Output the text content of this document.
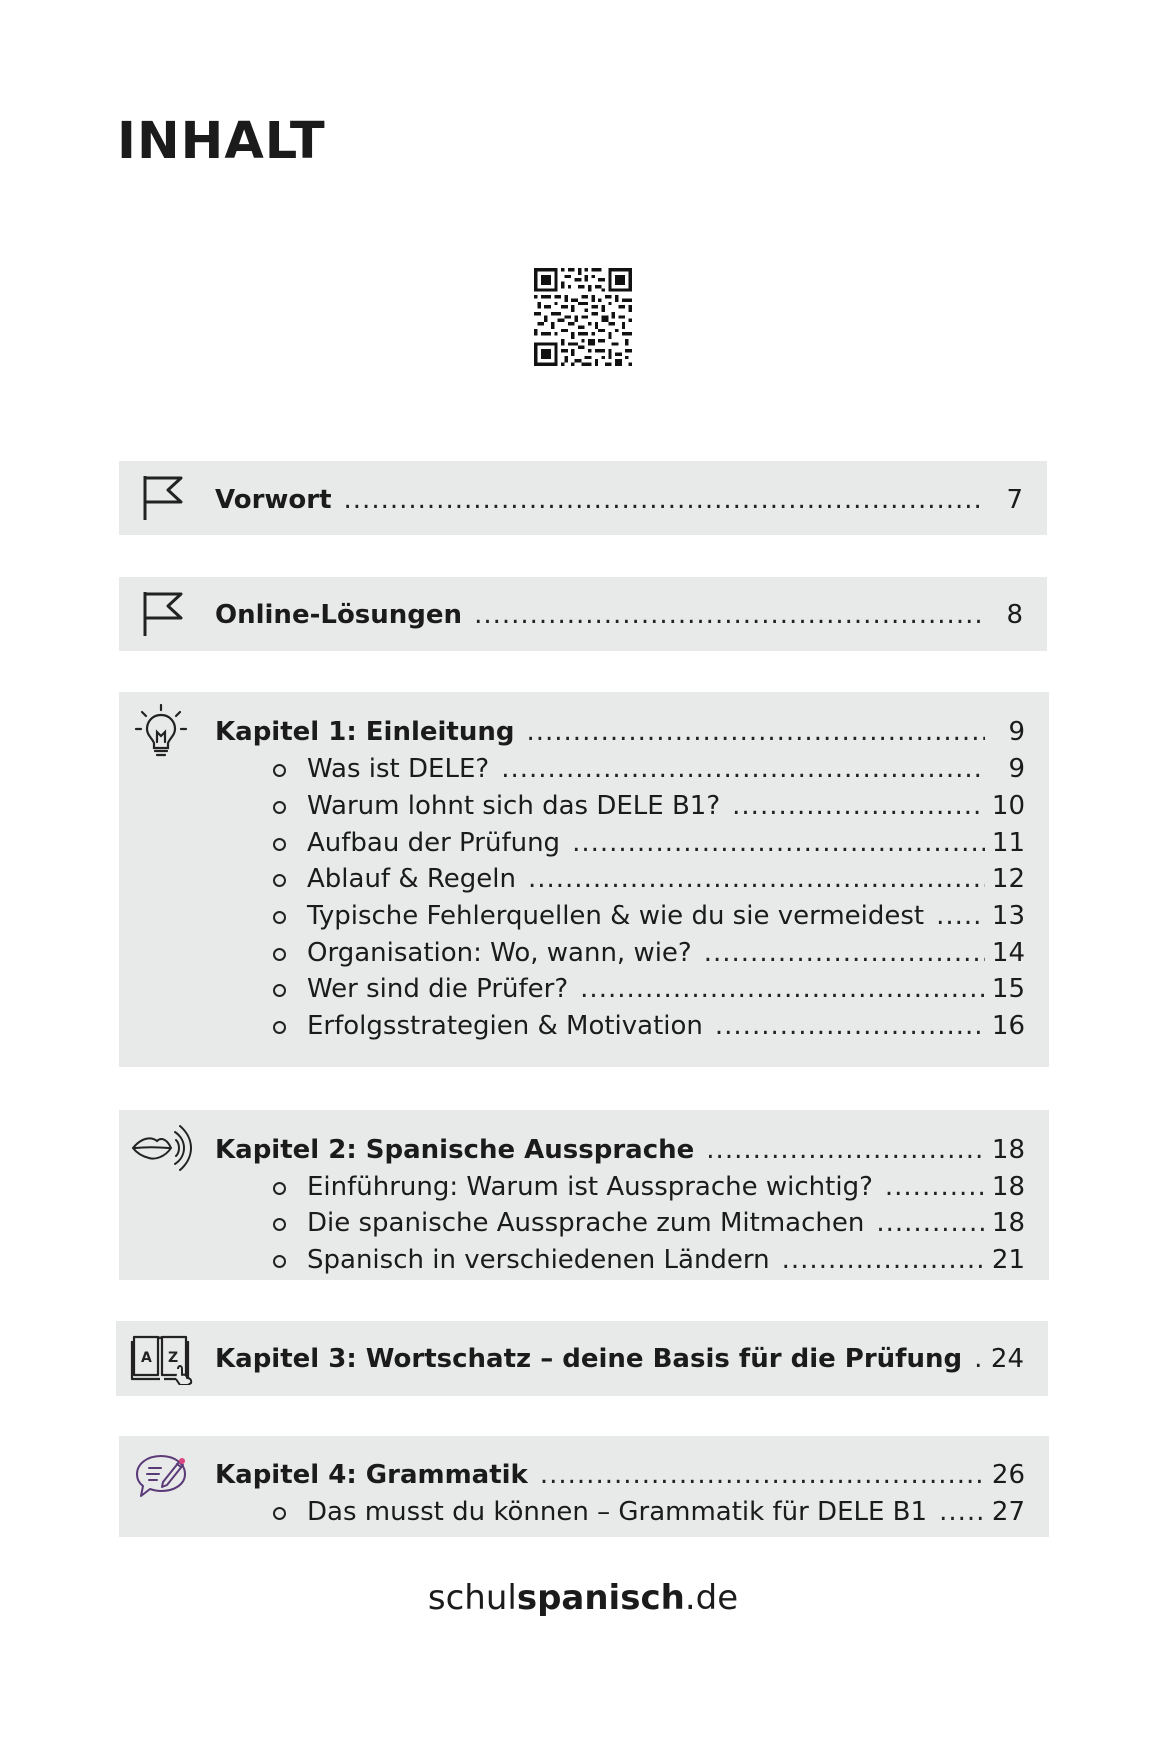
INHALT
Vorwort .....	7
Online-Lösungen .....	8
Kapitel 1: Einleitung .....	9
Was ist DELE? .....	9
Warum lohnt sich das DELE B1? .....	10
Aufbau der Prüfung .....	11
Ablauf & Regeln .....	12
Typische Fehlerquellen & wie du sie vermeidest .....	13
Organisation: Wo, wann, wie? .....	14
Wer sind die Prüfer? .....	15
Erfolgsstrategien & Motivation .....	16
Kapitel 2: Spanische Aussprache .....	18
Einführung: Warum ist Aussprache wichtig? .....	18
Die spanische Aussprache zum Mitmachen .....	18
Spanisch in verschiedenen Ländern .....	21
A Z Kapitel 3: Wortschatz – deine Basis für die Prüfung ..... 24
Kapitel 4: Grammatik .....	26
Das musst du können – Grammatik für DELE B1 ..... 27
schulspanisch.de
